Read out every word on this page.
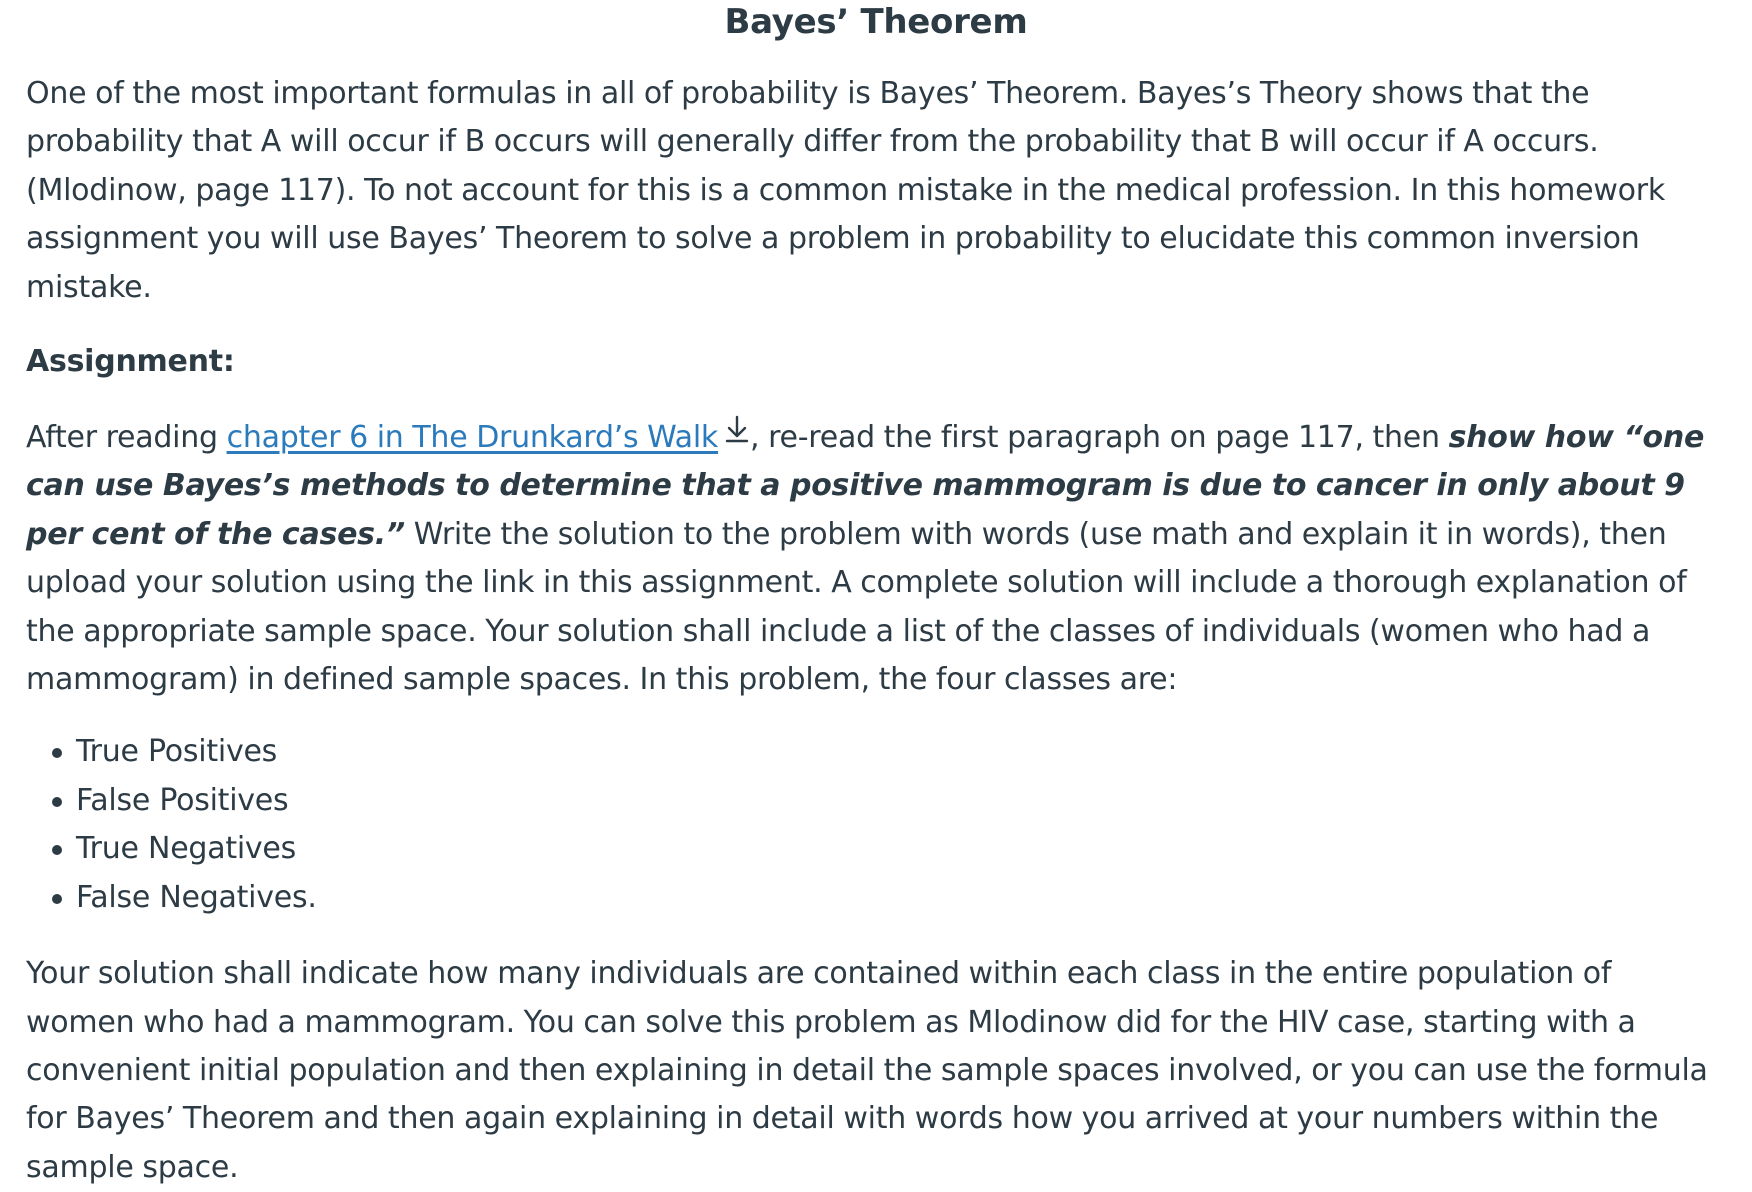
Bayes’ Theorem

One of the most important formulas in all of probability is Bayes’ Theorem. Bayes’s Theory shows that the probability that A will occur if B occurs will generally differ from the probability that B will occur if A occurs. (Mlodinow, page 117). To not account for this is a common mistake in the medical profession. In this homework assignment you will use Bayes’ Theorem to solve a problem in probability to elucidate this common inversion mistake.

Assignment:

After reading chapter 6 in The Drunkard’s Walk , re-read the first paragraph on page 117, then show how “one can use Bayes’s methods to determine that a positive mammogram is due to cancer in only about 9 per cent of the cases.” Write the solution to the problem with words (use math and explain it in words), then upload your solution using the link in this assignment. A complete solution will include a thorough explanation of the appropriate sample space. Your solution shall include a list of the classes of individuals (women who had a mammogram) in defined sample spaces. In this problem, the four classes are:

True Positives
False Positives
True Negatives
False Negatives.

Your solution shall indicate how many individuals are contained within each class in the entire population of women who had a mammogram. You can solve this problem as Mlodinow did for the HIV case, starting with a convenient initial population and then explaining in detail the sample spaces involved, or you can use the formula for Bayes’ Theorem and then again explaining in detail with words how you arrived at your numbers within the sample space.
